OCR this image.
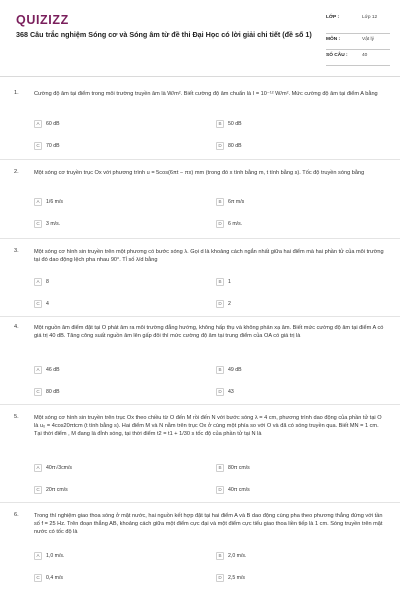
QUIZIZZ
368 Câu trắc nghiệm Sóng cơ và Sóng âm từ đề thi Đại Học có lời giải chi tiết (đề số 1)
LỚP :	Lớp 12
MÔN :	Vật lý
SỐ CÂU :	40
1.	Cường độ âm tại điểm trong môi trường truyền âm là W/m². Biết cường độ âm chuẩn là I = 10⁻¹² W/m². Mức cường độ âm tại điểm A bằng
A	60 dB	B	50 dB
C	70 dB	D	80 dB
2.	Một sóng cơ truyền trục Ox với phương trình u = 5cos(6πt − πx) mm (trong đó x tính bằng m, t tính bằng s). Tốc độ truyền sóng bằng
A	1/6 m/s	B	6π m/s
C	3 m/s.	D	6 m/s.
3.	Một sóng cơ hình sin truyền trên một phương có bước sóng λ. Gọi d là khoảng cách ngắn nhất giữa hai điểm mà hai phần tử của môi trường tại đó dao động lệch pha nhau 90°. Tỉ số λ/d bằng
A	8	B	1
C	4	D	2
4.	Một nguồn âm điểm đặt tại O phát âm ra môi trường đẳng hướng, không hấp thụ và không phản xạ âm. Biết mức cường độ âm tại điểm A có giá trị 40 dB. Tăng công suất nguồn âm lên gấp đôi thì mức cường độ âm tại trung điểm của OA có giá trị là
A	46 dB	B	49 dB
C	80 dB	D	43
5.	Một sóng cơ hình sin truyền trên trục Ox theo chiều từ O đến M rồi đến N với bước sóng λ = 4 cm, phương trình dao động của phần tử tại O là u₀ = 4cos20πtcm (t tính bằng s). Hai điểm M và N nằm trên trục Ox ở cùng một phía so với O và đã có sóng truyền qua. Biết MN = 1 cm. Tại thời điểm , M đang là đỉnh sóng, tại thời điểm t2 = t1 + 1/30 s tốc độ của phần tử tại N là
A	40π√3cm/s	B	80π cm/s
C	20π cm/s	D	40π cm/s
6.	Trong thí nghiệm giao thoa sóng ở mặt nước, hai nguồn kết hợp đặt tại hai điểm A và B dao động cùng pha theo phương thẳng đứng với tần số f = 25 Hz. Trên đoạn thẳng AB, khoảng cách giữa một điểm cực đại và một điểm cực tiểu giao thoa liền tiếp là 1 cm. Sóng truyền trên mặt nước có tốc độ là
A	1,0 m/s.	B	2,0 m/s.
C	0,4 m/s	D	2,5 m/s
